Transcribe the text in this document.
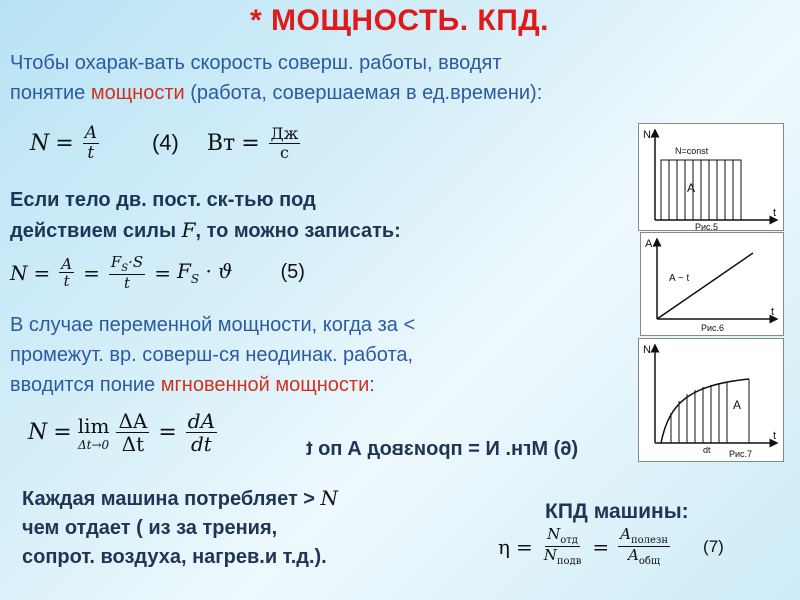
* МОЩНОСТЬ. КПД.
Чтобы охарак-вать скорость соверш. работы, вводят
понятие мощности (работа, совершаемая в ед.времени):
$N = \frac{A}{t} (4)$ Вт = $\frac{Дж}{с}$
Если тело дв. пост. ск-тью под
действием силы F, то можно записать:
$N = \frac{A}{t} = \frac{F_S\cdot S}{t} = F_S \cdot ϑ$ (5)
В случае переменной мощности, когда за <
промежут. вр. соверш-ся неодинак. работа,
вводится поние мгновенной мощности:
N = lim
$\Delta t\to 0 \frac{\Delta A}{\Delta t} = \frac{dA}{dt}$	(6) Мгн. N = производ A по t
Каждая машина потребляет > N
чем отдает ( из за трения,
сопрот. воздуха, нагрев.и т.д.).
КПД машины:
$\eta = \frac{N_{отд}}{N_{подв}} = \frac{A_{полезн}}{A_{общ}} (7)$
N
t
N=const
A
Рис.5
A
t
A ~ t
Рис.6
N
t
A
dt Рис.7
